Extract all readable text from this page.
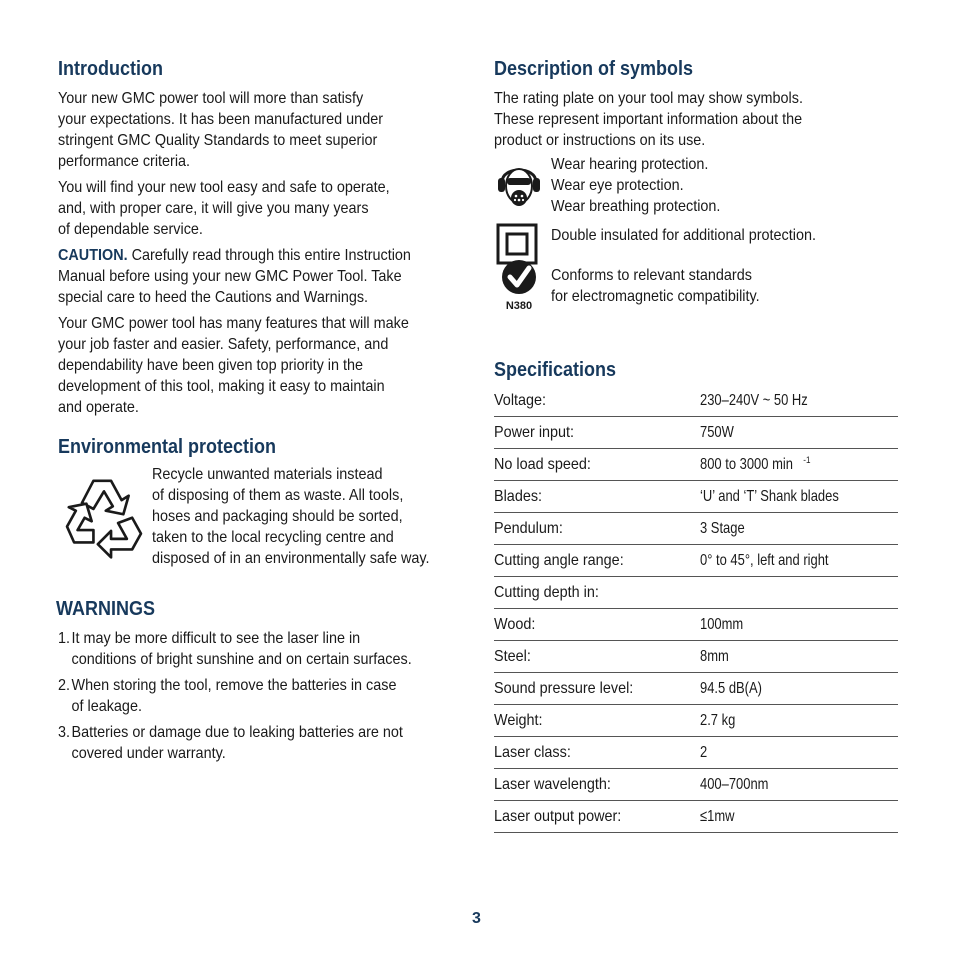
Introduction

Your new GMC power tool will more than satisfy
your expectations. It has been manufactured under
stringent GMC Quality Standards to meet superior
performance criteria.

You will find your new tool easy and safe to operate,
and, with proper care, it will give you many years
of dependable service.

CAUTION. Carefully read through this entire Instruction
Manual before using your new GMC Power Tool. Take
special care to heed the Cautions and Warnings.

Your GMC power tool has many features that will make
your job faster and easier. Safety, performance, and
dependability have been given top priority in the
development of this tool, making it easy to maintain
and operate.

Environmental protection

Recycle unwanted materials instead
of disposing of them as waste. All tools,
hoses and packaging should be sorted,
taken to the local recycling centre and
disposed of in an environmentally safe way.

WARNINGS
1. It may be more difficult to see the laser line in
conditions of bright sunshine and on certain surfaces.
2. When storing the tool, remove the batteries in case
of leakage.
3. Batteries or damage due to leaking batteries are not
covered under warranty.
Description of symbols

The rating plate on your tool may show symbols.
These represent important information about the
product or instructions on its use.

Wear hearing protection.
Wear eye protection.
Wear breathing protection.

Double insulated for additional protection.

N380

Conforms to relevant standards
for electromagnetic compatibility.

Specifications
Voltage:	230–240V ~ 50 Hz
Power input:	750W
No load speed:	800 to 3000 min $^{-1}$
Blades:	‘U’ and ‘T’ Shank blades
Pendulum:	3 Stage
Cutting angle range:	0° to 45°, left and right
Cutting depth in:	
Wood:	100mm
Steel:	8mm
Sound pressure level:	94.5 dB(A)
Weight:	2.7 kg
Laser class:	2
Laser wavelength:	400–700nm
Laser output power:	≤1mw
3
